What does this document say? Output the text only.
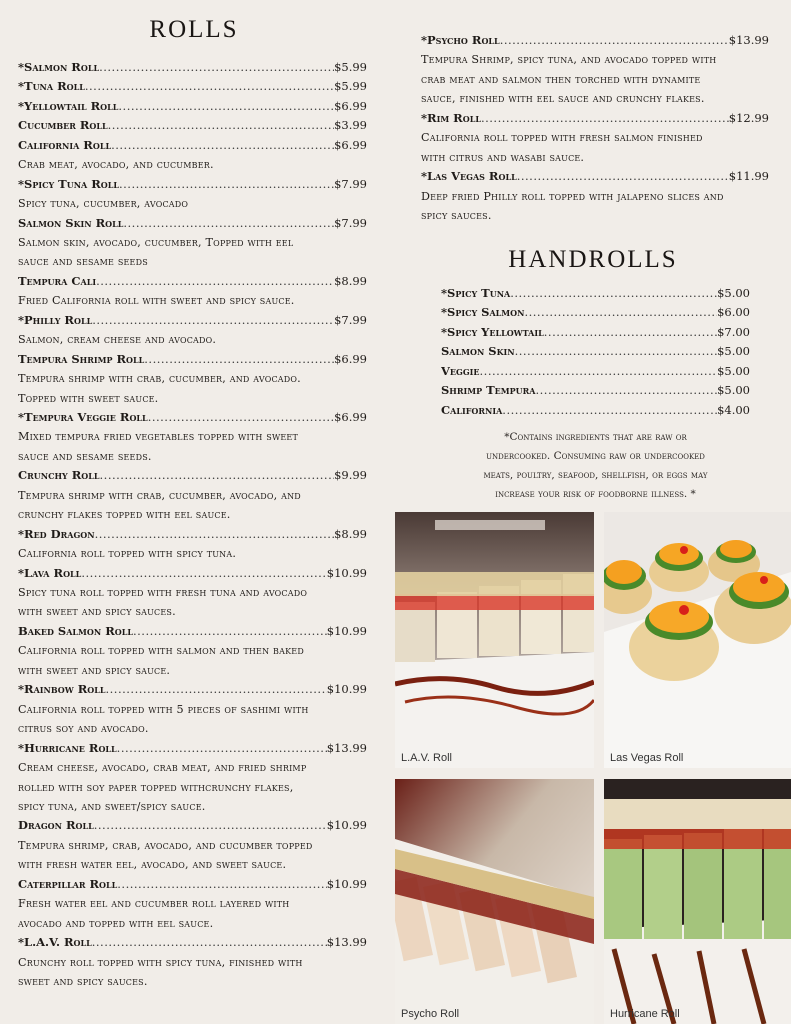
ROLLS
*Salmon Roll .....	$5.99
*Tuna Roll .....	$5.99
*Yellowtail Roll .....	$6.99
Cucumber Roll .....	$3.99
California Roll .....	$6.99
Crab meat, avocado, and cucumber.
*Spicy Tuna Roll .....	$7.99
Spicy tuna, cucumber, avocado
Salmon Skin Roll .....	$7.99
Salmon skin, avocado, cucumber, Topped with eel
sauce and sesame seeds
Tempura Cali .....	$8.99
Fried California roll with sweet and spicy sauce.
*Philly Roll .....	$7.99
Salmon, cream cheese and avocado.
Tempura Shrimp Roll .....	$6.99
Tempura shrimp with crab, cucumber, and avocado.
Topped with sweet sauce.
*Tempura Veggie Roll .....	$6.99
Mixed tempura fried vegetables topped with sweet
sauce and sesame seeds.
Crunchy Roll .....	$9.99
Tempura shrimp with crab, cucumber, avocado, and
crunchy flakes topped with eel sauce.
*Red Dragon .....	$8.99
California roll topped with spicy tuna.
*Lava Roll .....	$10.99
Spicy tuna roll topped with fresh tuna and avocado
with sweet and spicy sauces.
Baked Salmon Roll .....	$10.99
California roll topped with salmon and then baked
with sweet and spicy sauce.
*Rainbow Roll .....	$10.99
California roll topped with 5 pieces of sashimi with
citrus soy and avocado.
*Hurricane Roll .....	$13.99
Cream cheese, avocado, crab meat, and fried shrimp
rolled with soy paper topped withcrunchy flakes,
spicy tuna, and sweet/spicy sauce.
Dragon Roll .....	$10.99
Tempura shrimp, crab, avocado, and cucumber topped
with fresh water eel, avocado, and sweet sauce.
Caterpillar Roll .....	$10.99
Fresh water eel and cucumber roll layered with
avocado and topped with eel sauce.
*L.A.V. Roll .....	$13.99
Crunchy roll topped with spicy tuna, finished with
sweet and spicy sauces.
*Psycho Roll .....	$13.99
Tempura Shrimp, spicy tuna, and avocado topped with
crab meat and salmon then torched with dynamite
sauce, finished with eel sauce and crunchy flakes.
*Rim Roll .....	$12.99
California roll topped with fresh salmon finished
with citrus and wasabi sauce.
*Las Vegas Roll .....	$11.99
Deep fried Philly roll topped with jalapeno slices and
spicy sauces.
HANDROLLS
*Spicy Tuna .....	$5.00
*Spicy Salmon .....	$6.00
*Spicy Yellowtail .....	$7.00
Salmon Skin .....	$5.00
Veggie .....	$5.00
Shrimp Tempura .....	$5.00
California .....	$4.00
*Contains ingredients that are raw or
undercooked. Consuming raw or undercooked
meats, poultry, seafood, shellfish, or eggs may
increase your risk of foodborne illness. *
L.A.V. Roll	Las Vegas Roll
Psycho Roll	Hurricane Roll
